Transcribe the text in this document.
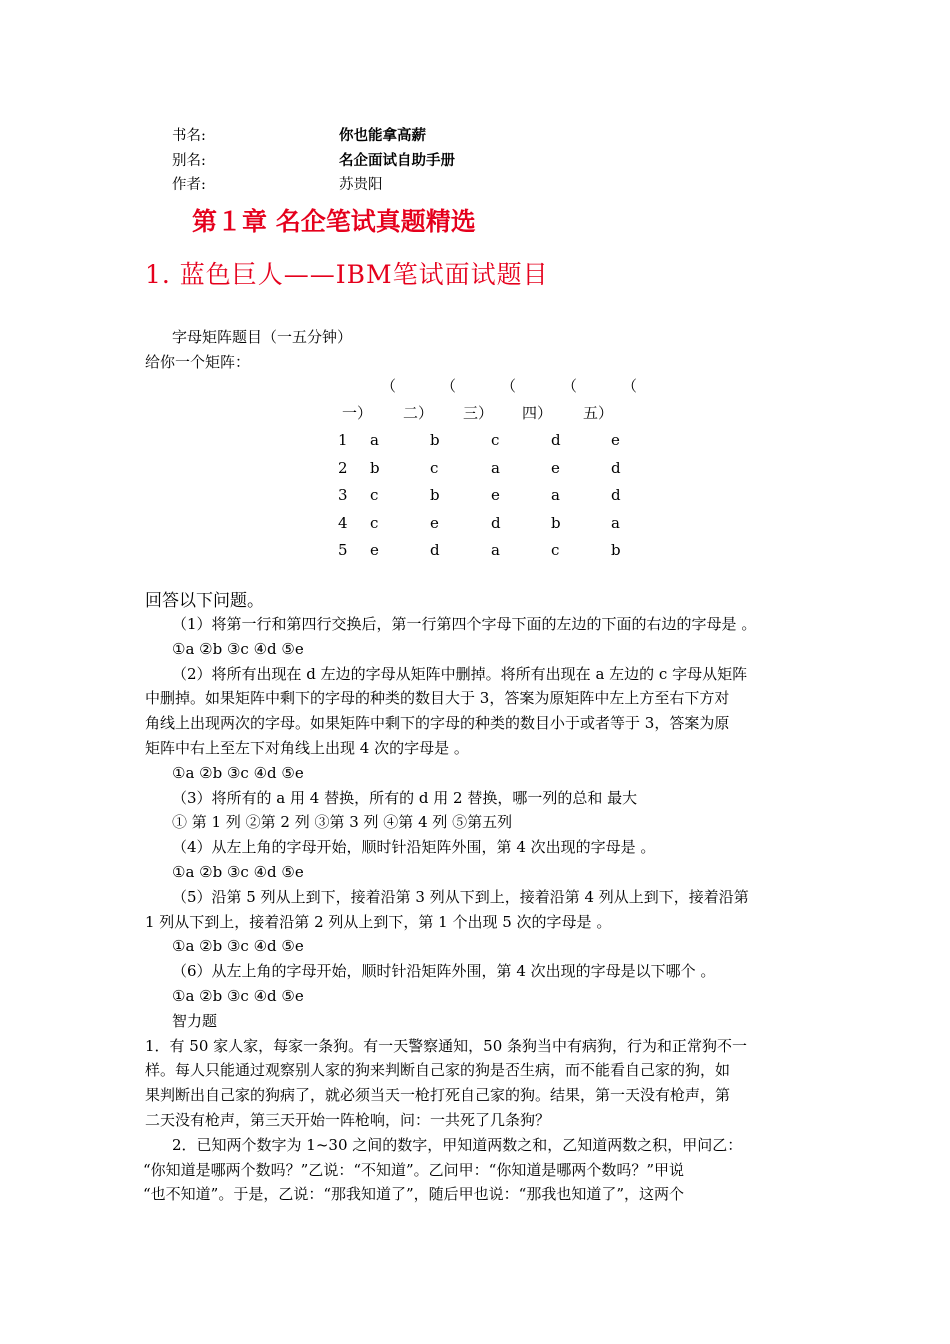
书名:	你也能拿高薪
别名:	名企面试自助手册
作者:	苏贵阳
第１章 名企笔试真题精选
1. 蓝色巨人——IBM笔试面试题目
字母矩阵题目（一五分钟）
给你一个矩阵：
（	（	（	（	（
一） 二） 三） 四） 五）
1 a	b	c	d	e
2 b	c	a	e	d
3 c	b	e	a	d
4 c	e	d	b	a
5 e	d	a	c	b
回答以下问题。
（1）将第一行和第四行交换后，第一行第四个字母下面的左边的下面的右边的字母是 。
①a ②b ③c ④d ⑤e
（2）将所有出现在 d 左边的字母从矩阵中删掉。将所有出现在 a 左边的 c 字母从矩阵
中删掉。如果矩阵中剩下的字母的种类的数目大于 3，答案为原矩阵中左上方至右下方对
角线上出现两次的字母。如果矩阵中剩下的字母的种类的数目小于或者等于 3，答案为原
矩阵中右上至左下对角线上出现 4 次的字母是 。
①a ②b ③c ④d ⑤e
（3）将所有的 a 用 4 替换，所有的 d 用 2 替换，哪一列的总和 最大
① 第 1 列 ②第 2 列 ③第 3 列 ④第 4 列 ⑤第五列
（4）从左上角的字母开始，顺时针沿矩阵外围，第 4 次出现的字母是 。
①a ②b ③c ④d ⑤e
（5）沿第 5 列从上到下，接着沿第 3 列从下到上，接着沿第 4 列从上到下，接着沿第
1 列从下到上，接着沿第 2 列从上到下，第 1 个出现 5 次的字母是 。
①a ②b ③c ④d ⑤e
（6）从左上角的字母开始，顺时针沿矩阵外围，第 4 次出现的字母是以下哪个 。
①a ②b ③c ④d ⑤e
智力题
1．有 50 家人家，每家一条狗。有一天警察通知，50 条狗当中有病狗，行为和正常狗不一
样。每人只能通过观察别人家的狗来判断自己家的狗是否生病，而不能看自己家的狗，如
果判断出自己家的狗病了，就必须当天一枪打死自己家的狗。结果，第一天没有枪声，第
二天没有枪声，第三天开始一阵枪响，问：一共死了几条狗？
2．已知两个数字为 1~30 之间的数字，甲知道两数之和，乙知道两数之积，甲问乙：
“你知道是哪两个数吗？”乙说：“不知道”。乙问甲：“你知道是哪两个数吗？”甲说
“也不知道”。于是，乙说：“那我知道了”，随后甲也说：“那我也知道了”，这两个
